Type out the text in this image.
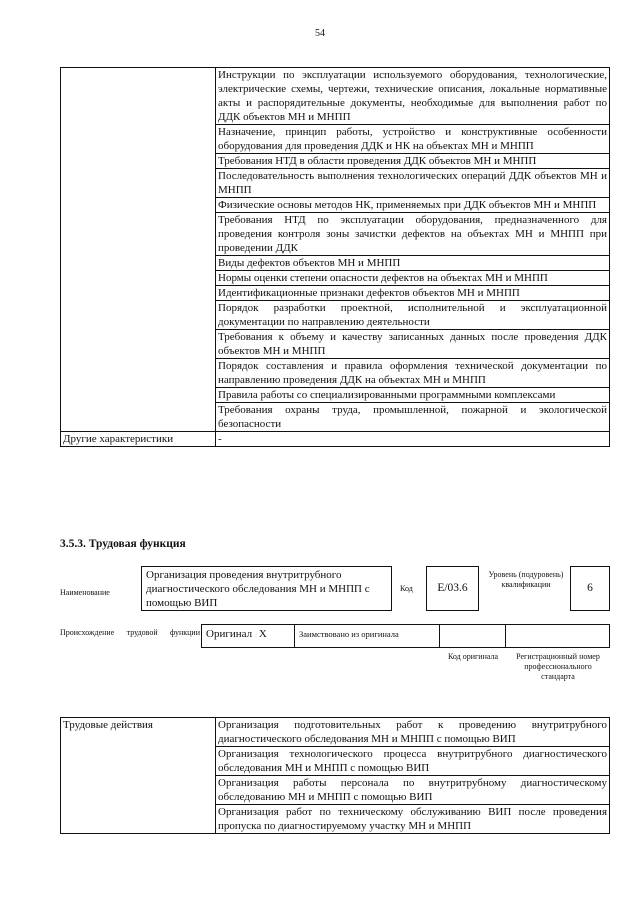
54
	Инструкции по эксплуатации используемого оборудования, технологические, электрические схемы, чертежи, технические описания, локальные нормативные акты и распорядительные документы, необходимые для выполнения работ по ДДК объектов МН и МНПП
	Назначение, принцип работы, устройство и конструктивные особенности оборудования для проведения ДДК и НК на объектах МН и МНПП
	Требования НТД в области проведения ДДК объектов МН и МНПП
	Последовательность выполнения технологических операций ДДК объектов МН и МНПП
	Физические основы методов НК, применяемых при ДДК объектов МН и МНПП
	Требования НТД по эксплуатации оборудования, предназначенного для проведения контроля зоны зачистки дефектов на объектах МН и МНПП при проведении ДДК
	Виды дефектов объектов МН и МНПП
	Нормы оценки степени опасности дефектов на объектах МН и МНПП
	Идентификационные признаки дефектов объектов МН и МНПП
	Порядок разработки проектной, исполнительной и эксплуатационной документации по направлению деятельности
	Требования к объему и качеству записанных данных после проведения ДДК объектов МН и МНПП
	Порядок составления и правила оформления технической документации по направлению проведения ДДК на объектах МН и МНПП
	Правила работы со специализированными программными комплексами
	Требования охраны труда, промышленной, пожарной и экологической безопасности
Другие характеристики	-
3.5.3. Трудовая функция
Наименование
Организация проведения внутритрубного диагностического обследования МН и МНПП с помощью ВИП
Код	E/03.6
Уровень (подуровень) квалификации	6
Происхождение трудовой функции Оригинал X	Заимствовано из оригинала
Код оригинала	Регистрационный номер профессионального стандарта
Трудовые действия	Организация подготовительных работ к проведению внутритрубного диагностического обследования МН и МНПП с помощью ВИП
Организация технологического процесса внутритрубного диагностического обследования МН и МНПП с помощью ВИП
Организация работы персонала по внутритрубному диагностическому обследованию МН и МНПП с помощью ВИП
Организация работ по техническому обслуживанию ВИП после проведения пропуска по диагностируемому участку МН и МНПП
